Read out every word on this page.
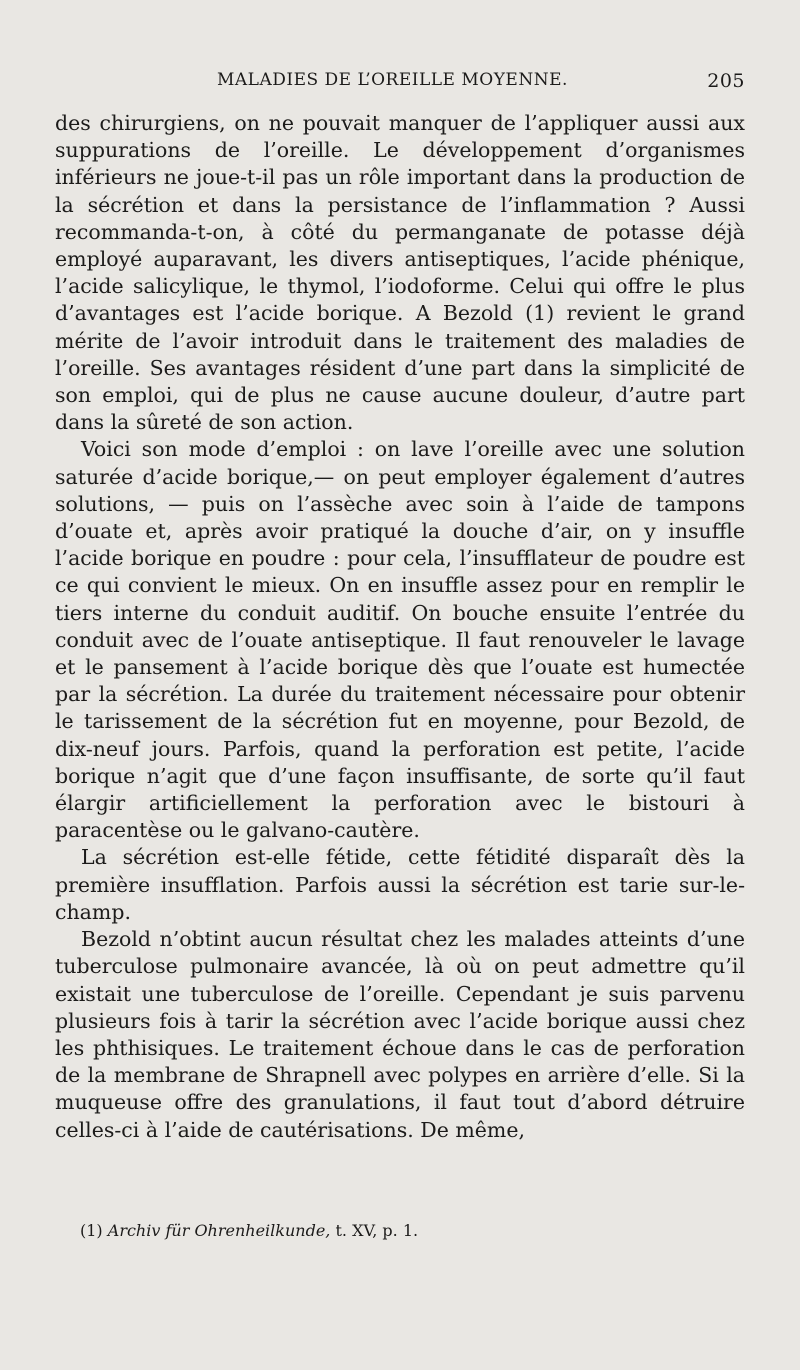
MALADIES DE L’OREILLE MOYENNE.	205

des chirurgiens, on ne pouvait manquer de l’appliquer aussi aux suppurations de l’oreille. Le développement d’organismes inférieurs ne joue-t-il pas un rôle important dans la production de la sécrétion et dans la persistance de l’inflammation ? Aussi recommanda-t-on, à côté du permanganate de potasse déjà employé auparavant, les divers antiseptiques, l’acide phénique, l’acide salicylique, le thymol, l’iodoforme. Celui qui offre le plus d’avantages est l’acide borique. A Bezold (1) revient le grand mérite de l’avoir introduit dans le traitement des maladies de l’oreille. Ses avantages résident d’une part dans la simplicité de son emploi, qui de plus ne cause aucune douleur, d’autre part dans la sûreté de son action.

Voici son mode d’emploi : on lave l’oreille avec une solution saturée d’acide borique,— on peut employer également d’autres solutions, — puis on l’assèche avec soin à l’aide de tampons d’ouate et, après avoir pratiqué la douche d’air, on y insuffle l’acide borique en poudre : pour cela, l’insufflateur de poudre est ce qui convient le mieux. On en insuffle assez pour en remplir le tiers interne du conduit auditif. On bouche ensuite l’entrée du conduit avec de l’ouate antiseptique. Il faut renouveler le lavage et le pansement à l’acide borique dès que l’ouate est humectée par la sécrétion. La durée du traitement nécessaire pour obtenir le tarissement de la sécrétion fut en moyenne, pour Bezold, de dix-neuf jours. Parfois, quand la perforation est petite, l’acide borique n’agit que d’une façon insuffisante, de sorte qu’il faut élargir artificiellement la perforation avec le bistouri à paracentèse ou le galvano-cautère.

La sécrétion est-elle fétide, cette fétidité disparaît dès la première insufflation. Parfois aussi la sécrétion est tarie sur-le-champ.

Bezold n’obtint aucun résultat chez les malades atteints d’une tuberculose pulmonaire avancée, là où on peut admettre qu’il existait une tuberculose de l’oreille. Cependant je suis parvenu plusieurs fois à tarir la sécrétion avec l’acide borique aussi chez les phthisiques. Le traitement échoue dans le cas de perforation de la membrane de Shrapnell avec polypes en arrière d’elle. Si la muqueuse offre des granulations, il faut tout d’abord détruire celles-ci à l’aide de cautérisations. De même,

(1) Archiv für Ohrenheilkunde, t. XV, p. 1.
